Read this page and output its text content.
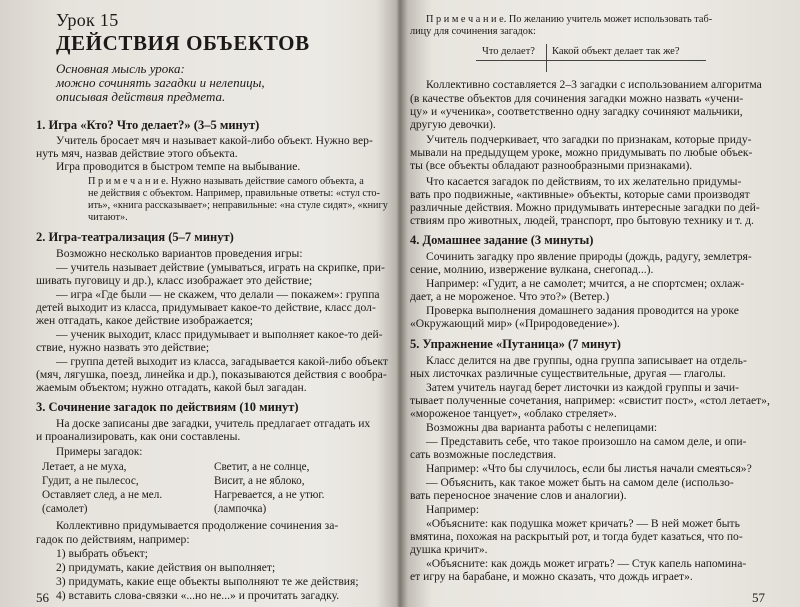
Урок 15
ДЕЙСТВИЯ ОБЪЕКТОВ
Основная мысль урока:
можно сочинять загадки и нелепицы,
описывая действия предмета.
1. Игра «Кто? Что делает?» (3–5 минут)
Учитель бросает мяч и называет какой-либо объект. Нужно вер-
нуть мяч, назвав действие этого объекта.
Игра проводится в быстром темпе на выбывание.
П р и м е ч а н и е. Нужно называть действие самого объекта, а
не действия с объектом. Например, правильные ответы: «стул сто-
ить», «книга рассказывает»; неправильные: «на стуле сидят», «книгу
читают».
2. Игра-театрализация (5–7 минут)
Возможно несколько вариантов проведения игры:
— учитель называет действие (умываться, играть на скрипке, при-
шивать пуговицу и др.), класс изображает это действие;
— игра «Где были — не скажем, что делали — покажем»: группа
детей выходит из класса, придумывает какое-то действие, класс дол-
жен отгадать, какое действие изображается;
— ученик выходит, класс придумывает и выполняет какое-то дей-
ствие, нужно назвать это действие;
— группа детей выходит из класса, загадывается какой-либо объект
(мяч, лягушка, поезд, линейка и др.), показываются действия с вообра-
жаемым объектом; нужно отгадать, какой был загадан.
3. Сочинение загадок по действиям (10 минут)
На доске записаны две загадки, учитель предлагает отгадать их
и проанализировать, как они составлены.
Примеры загадок:
Летает, а не муха,
Гудит, а не пылесос,
Оставляет след, а не мел.
(самолет)
Светит, а не солнце,
Висит, а не яблоко,
Нагревается, а не утюг.
(лампочка)
Коллективно придумывается продолжение сочинения за-
гадок по действиям, например:
1) выбрать объект;
2) придумать, какие действия он выполняет;
3) придумать, какие еще объекты выполняют те же действия;
4) вставить слова-связки «...но не...» и прочитать загадку.
56
П р и м е ч а н и е. По желанию учитель может использовать таб-
лицу для сочинения загадок:
Что делает? Какой объект делает так же?
Коллективно составляется 2–3 загадки с использованием алгоритма
(в качестве объектов для сочинения загадки можно назвать «учени-
цу» и «ученика», соответственно одну загадку сочиняют мальчики,
другую девочки).
Учитель подчеркивает, что загадки по признакам, которые приду-
мывали на предыдущем уроке, можно придумывать по любые объек-
ты (все объекты обладают разнообразными признаками).
Что касается загадок по действиям, то их желательно придумы-
вать про подвижные, «активные» объекты, которые сами производят
различные действия. Можно придумывать интересные загадки по дей-
ствиям про животных, людей, транспорт, про бытовую технику и т. д.
4. Домашнее задание (3 минуты)
Сочинить загадку про явление природы (дождь, радугу, землетря-
сение, молнию, извержение вулкана, снегопад...).
Например: «Гудит, а не самолет; мчится, а не спортсмен; охлаж-
дает, а не мороженое. Что это?» (Ветер.)
Проверка выполнения домашнего задания проводится на уроке
«Окружающий мир» («Природоведение»).
5. Упражнение «Путаница» (7 минут)
Класс делится на две группы, одна группа записывает на отдель-
ных листочках различные существительные, другая — глаголы.
Затем учитель наугад берет листочки из каждой группы и зачи-
тывает полученные сочетания, например: «свистит пост», «стол летает»,
«мороженое танцует», «облако стреляет».
Возможны два варианта работы с нелепицами:
— Представить себе, что такое произошло на самом деле, и опи-
сать возможные последствия.
Например: «Что бы случилось, если бы листья начали смеяться»?
— Объяснить, как такое может быть на самом деле (использо-
вать переносное значение слов и аналогии).
Например:
«Объясните: как подушка может кричать? — В ней может быть
вмятина, похожая на раскрытый рот, и тогда будет казаться, что по-
душка кричит».
«Объясните: как дождь может играть? — Стук капель напомина-
ет игру на барабане, и можно сказать, что дождь играет».
57
